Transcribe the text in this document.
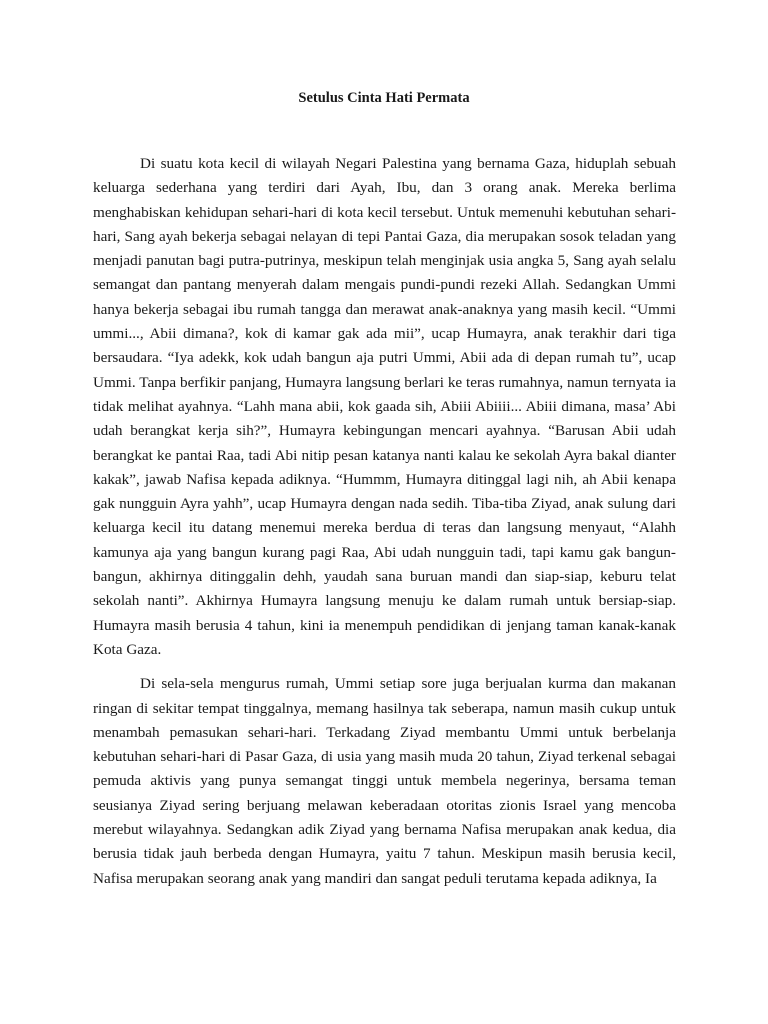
Setulus Cinta Hati Permata

Di suatu kota kecil di wilayah Negari Palestina yang bernama Gaza, hiduplah sebuah keluarga sederhana yang terdiri dari Ayah, Ibu, dan 3 orang anak. Mereka berlima menghabiskan kehidupan sehari-hari di kota kecil tersebut. Untuk memenuhi kebutuhan sehari-hari, Sang ayah bekerja sebagai nelayan di tepi Pantai Gaza, dia merupakan sosok teladan yang menjadi panutan bagi putra-putrinya, meskipun telah menginjak usia angka 5, Sang ayah selalu semangat dan pantang menyerah dalam mengais pundi-pundi rezeki Allah. Sedangkan Ummi hanya bekerja sebagai ibu rumah tangga dan merawat anak-anaknya yang masih kecil. “Ummi ummi..., Abii dimana?, kok di kamar gak ada mii”, ucap Humayra, anak terakhir dari tiga bersaudara. “Iya adekk, kok udah bangun aja putri Ummi, Abii ada di depan rumah tu”, ucap Ummi. Tanpa berfikir panjang, Humayra langsung berlari ke teras rumahnya, namun ternyata ia tidak melihat ayahnya. “Lahh mana abii, kok gaada sih, Abiii Abiiii... Abiii dimana, masa’ Abi udah berangkat kerja sih?”, Humayra kebingungan mencari ayahnya. “Barusan Abii udah berangkat ke pantai Raa, tadi Abi nitip pesan katanya nanti kalau ke sekolah Ayra bakal dianter kakak”, jawab Nafisa kepada adiknya. “Hummm, Humayra ditinggal lagi nih, ah Abii kenapa gak nungguin Ayra yahh”, ucap Humayra dengan nada sedih. Tiba-tiba Ziyad, anak sulung dari keluarga kecil itu datang menemui mereka berdua di teras dan langsung menyaut, “Alahh kamunya aja yang bangun kurang pagi Raa, Abi udah nungguin tadi, tapi kamu gak bangun-bangun, akhirnya ditinggalin dehh, yaudah sana buruan mandi dan siap-siap, keburu telat sekolah nanti”. Akhirnya Humayra langsung menuju ke dalam rumah untuk bersiap-siap. Humayra masih berusia 4 tahun, kini ia menempuh pendidikan di jenjang taman kanak-kanak Kota Gaza.

Di sela-sela mengurus rumah, Ummi setiap sore juga berjualan kurma dan makanan ringan di sekitar tempat tinggalnya, memang hasilnya tak seberapa, namun masih cukup untuk menambah pemasukan sehari-hari. Terkadang Ziyad membantu Ummi untuk berbelanja kebutuhan sehari-hari di Pasar Gaza, di usia yang masih muda 20 tahun, Ziyad terkenal sebagai pemuda aktivis yang punya semangat tinggi untuk membela negerinya, bersama teman seusianya Ziyad sering berjuang melawan keberadaan otoritas zionis Israel yang mencoba merebut wilayahnya. Sedangkan adik Ziyad yang bernama Nafisa merupakan anak kedua, dia berusia tidak jauh berbeda dengan Humayra, yaitu 7 tahun. Meskipun masih berusia kecil, Nafisa merupakan seorang anak yang mandiri dan sangat peduli terutama kepada adiknya, Ia
